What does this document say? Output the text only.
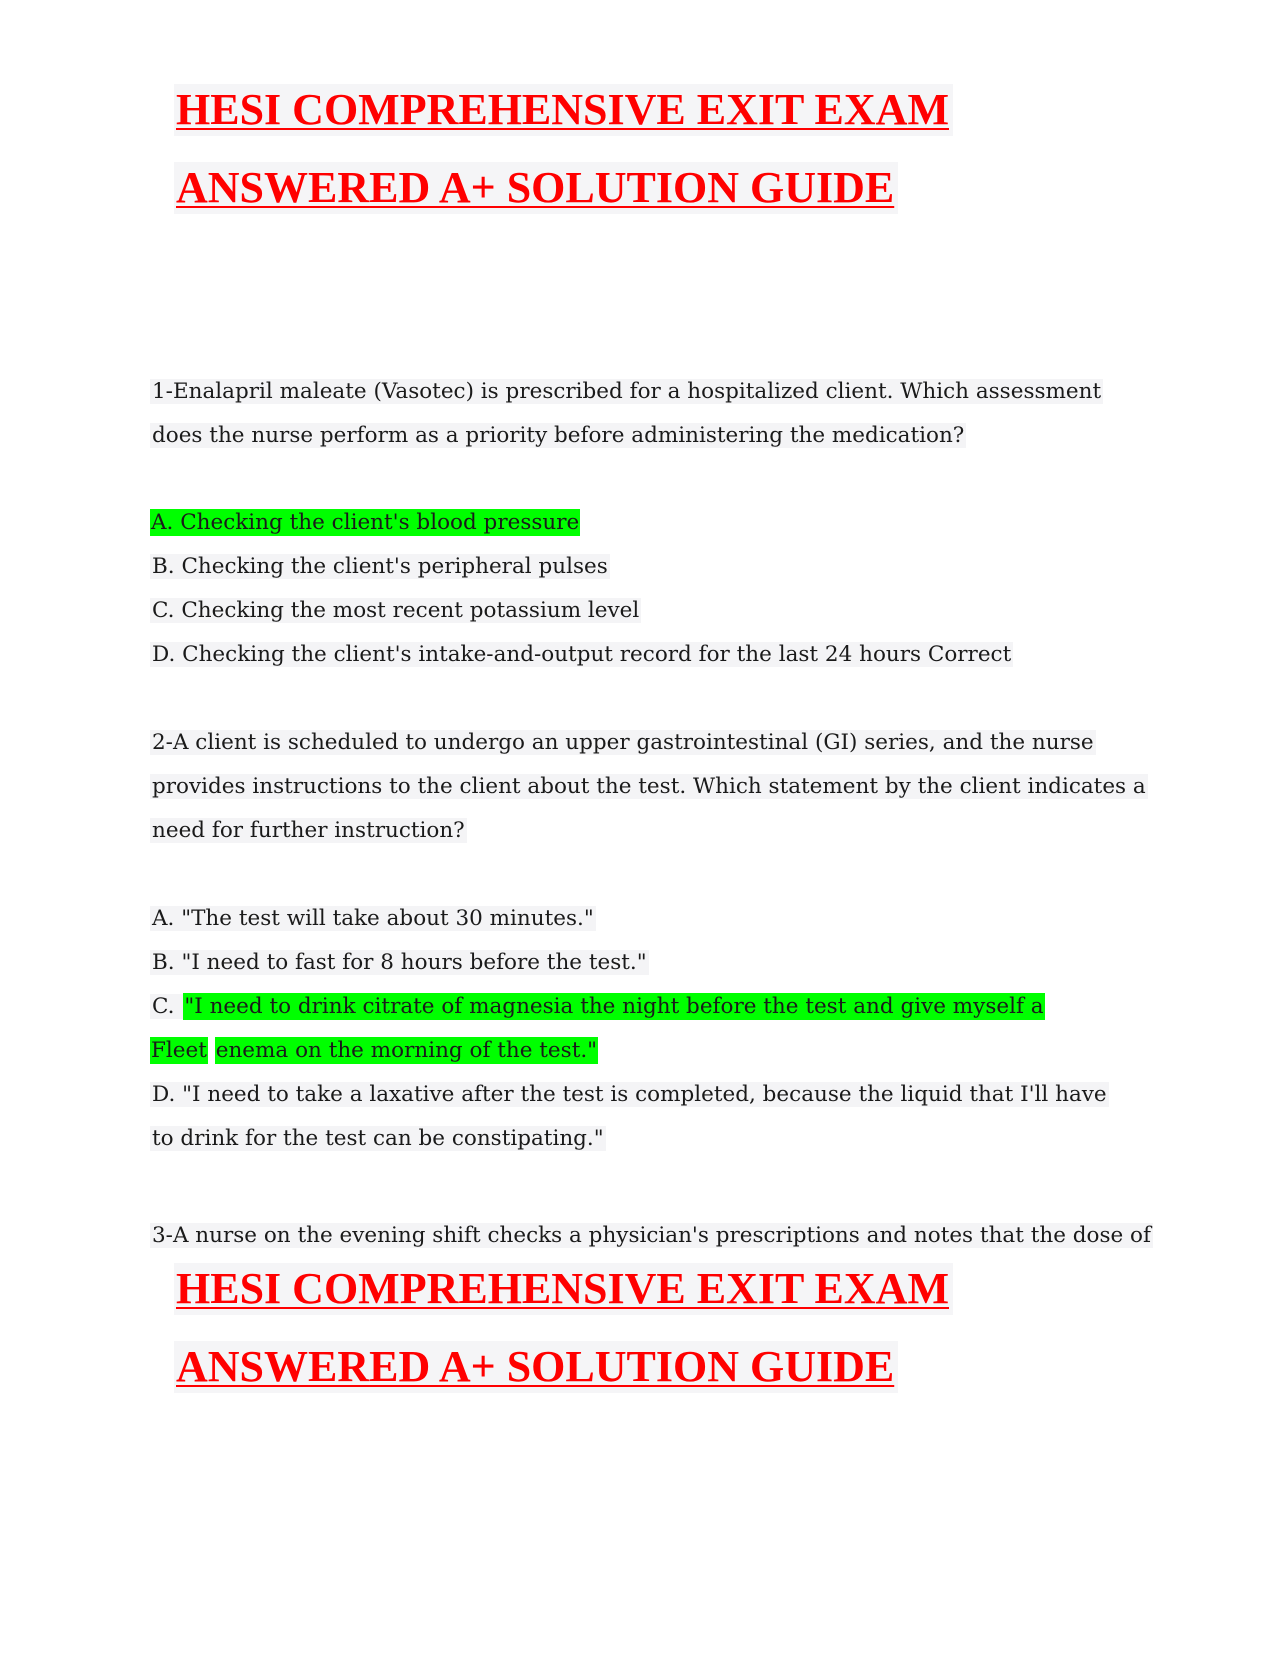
HESI COMPREHENSIVE EXIT EXAM
ANSWERED A+ SOLUTION GUIDE

1-Enalapril maleate (Vasotec) is prescribed for a hospitalized client. Which assessment

does the nurse perform as a priority before administering the medication?

A. Checking the client's blood pressure

B. Checking the client's peripheral pulses

C. Checking the most recent potassium level

D. Checking the client's intake-and-output record for the last 24 hours Correct

2-A client is scheduled to undergo an upper gastrointestinal (GI) series, and the nurse

provides instructions to the client about the test. Which statement by the client indicates a

need for further instruction?

A. "The test will take about 30 minutes."

B. "I need to fast for 8 hours before the test."

C. "I need to drink citrate of magnesia the night before the test and give myself a

Fleet enema on the morning of the test."

D. "I need to take a laxative after the test is completed, because the liquid that I'll have

to drink for the test can be constipating."

3-A nurse on the evening shift checks a physician's prescriptions and notes that the dose of

HESI COMPREHENSIVE EXIT EXAM
ANSWERED A+ SOLUTION GUIDE
